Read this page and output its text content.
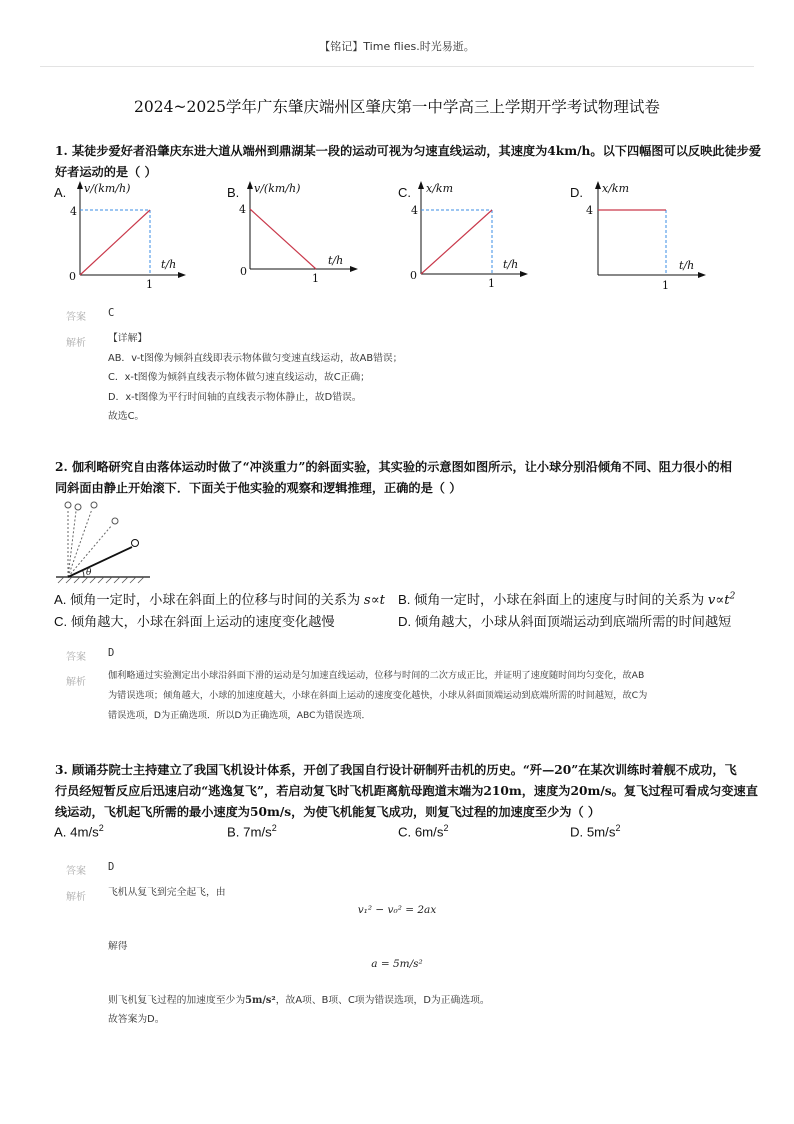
【铭记】Time flies.时光易逝。
2024~2025学年广东肇庆端州区肇庆第一中学高三上学期开学考试物理试卷
1. 某徒步爱好者沿肇庆东进大道从端州到鼎湖某一段的运动可视为匀速直线运动，其速度为4km/h。以下四幅图可以反映此徒步爱
好者运动的是（ ）
A. v/(km/h)
t/h
4
1
0
B. v/(km/h)
t/h
4
1
0
C. x/km
t/h
4
1
0
D. x/km
t/h
4
1
答案 C
解析 【详解】
AB．v-t图像为倾斜直线即表示物体做匀变速直线运动，故AB错误；
C．x-t图像为倾斜直线表示物体做匀速直线运动，故C正确；
D．x-t图像为平行时间轴的直线表示物体静止，故D错误。
故选C。
2. 伽利略研究自由落体运动时做了“冲淡重力”的斜面实验，其实验的示意图如图所示，让小球分别沿倾角不同、阻力很小的相
同斜面由静止开始滚下．下面关于他实验的观察和逻辑推理，正确的是（ ）
θ
A. 倾角一定时，小球在斜面上的位移与时间的关系为 s∝t B. 倾角一定时，小球在斜面上的速度与时间的关系为 $v\propto t^2$
C. 倾角越大，小球在斜面上运动的速度变化越慢	D. 倾角越大，小球从斜面顶端运动到底端所需的时间越短
答案 D
解析
伽利略通过实验测定出小球沿斜面下滑的运动是匀加速直线运动，位移与时间的二次方成正比，并证明了速度随时间均匀变化，故AB
为错误选项；倾角越大，小球的加速度越大，小球在斜面上运动的速度变化越快，小球从斜面顶端运动到底端所需的时间越短，故C为
错误选项，D为正确选项．所以D为正确选项，ABC为错误选项．
3. 顾诵芬院士主持建立了我国飞机设计体系，开创了我国自行设计研制歼击机的历史。“歼—20”在某次训练时着舰不成功，飞
行员经短暂反应后迅速启动“逃逸复飞”，若启动复飞时飞机距离航母跑道末端为210m，速度为20m/s。复飞过程可看成匀变速直
线运动，飞机起飞所需的最小速度为50m/s，为使飞机能复飞成功，则复飞过程的加速度至少为（ ）
A. $4m/s^2$	B. $7m/s^2$	C. $6m/s^2$	D. $5m/s^2$
答案 D
解析 飞机从复飞到完全起飞，由
v₁² − v₀² = 2ax
解得
a = 5m/s²
则飞机复飞过程的加速度至少为5m/s²，故A项、B项、C项为错误选项，D为正确选项。
故答案为D。
